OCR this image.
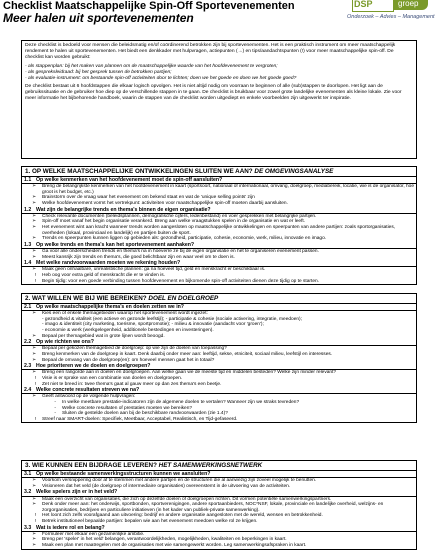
Checklist Maatschappelijke Spin-Off Sportevenementen
Meer halen uit sportevenementen
DSP	groep
Onderzoek – Advies – Management

Deze checklist is bedoeld voor mensen die beleidsmatig en/of coördinerend betrokken zijn bij sportevenementen. Het is een praktisch instrument om meer maatschappelijk rendement te halen uit sportevenementen. Het biedt een denkkader met hulpvragen, actiepunten (→) en tips/aandachtspunten (!) voor meer maatschappelijke spin-off. De checklist kan worden gebruikt:

- als stappenplan: bij het maken van plannen om de maatschappelijke waarde van het hoofdevenement te vergroten;

- als gespreksleidraad: bij het gesprek tussen de betrokken partijen;

- als evaluatie-instrument: om bestaande spin-off activiteiten door te lichten; doen we het goede en doen we het goede goed?

De checklist bestaat uit 6 hoofdstappen die elkaar logisch opvolgen. Het is niet altijd nodig om voorraan te beginnen of alle (sub)stappen te doorlopen. Het ligt aan de gebruikssituatie en de gebruiker hoe diep op de verschillende stappen in te gaan. De checklist is bruikbaar voor zowel grote landelijke evenementen als kleine lokale. Zie voor meer informatie het bijbehorende handboek, waarin de stappen van de checklist worden uitgediept en enkele voorbeelden zijn uitgewerkt ter inspiratie.

1. OP WELKE MAATSCHAPPELIJKE ONTWIKKELINGEN SLUITEN WE AAN? DE OMGEVINGSANALYSE
1.1 Op welke kenmerken van het hoofdevenement moet de spin-off aansluiten?
➢	Breng de belangrijkste kenmerken van het hoofdevenement in kaart (sportsoort, nationaal of internationaal, omvang, doelgroep, mediabereik, locatie, wie is de organisator, hoe groot is het budget, etc.)
➢	Brainstorm over de vraag waar het evenement om bekend staat en wat de 'unique selling points' zijn
➢	Welke hoofdevenement vormt het vertrekpunt: activiteiten voor maatschappelijke spin-off moeten daarbij aansluiten.
1.2 Wat zijn de belangrijke trends en thema's binnen de eigen organisatie?
➢	Check relevante documenten (beleidsplannen, demografische cijfers, ledenbestand) en voer gesprekken met belangrijke partijen.
➢	Spin-off moet vanaf het begin organisatie verankerd. Breng aan welke vraagstukken spelen in de organisatie en wat er leeft.
➢	Het evenement wint aan kracht wanneer trends worden aangesloten op maatschappelijke ontwikkelingen en speerpunten van andere partijen: zoals sportorganisaties, overheden (lokaal, provinciaal en landelijk) en partijen buiten de sport.
➢	Trends en speerpunten kunnen liggen op gebieden als: gezondheid, participatie, cohesie, economie, werk, milieu, innovatie en imago.
1.3 Op welke trends en thema's kan het sportevenement aanhaken?
➢	Ga voor alle onderscheiden trends en thema's na in hoeverre ze bij de eigen organisatie en het te organiseren evenement passen.
➢	Meest kansrijk zijn trends en thema's, die goed belichtbaar zijn en waar veel om te doen is.
1.4 Met welke randvoorwaarden moeten we rekening houden?
➢	Maak geen onhaalbare, unrealistische plannen: ga na hoeveel tijd, geld en menskracht er beschikbaar is.
!	Heb oog voor extra geld of menskracht die er te vinden is.
!	Begin tijdig: voor een goede verbinding tussen hoofdevenement en bijkomende spin-off activiteiten dienen deze tijdig op te starten.
2. WAT WILLEN WE BIJ WIE BEREIKEN? DOEL EN DOELGROEP
2.1 Op welke maatschappelijke thema's en doelen zetten we in?
➢	Kies een of enkele themagebieden waarop het sportevenement wordt ingezet:
- gezondheid & vitaliteit (een actieve en gezonde leefstijl); - participatie & cohesie (sociale activering, integratie, meedoen);
- imago & identiteit (city marketing, toerisme, sportpromotie); - milieu & innovatie (aandacht voor 'groen');
- economie & werk (werkgelegenheid, additionele bestedingen en investeringen).
➢	Bepaal per themagebied wat in grote lijnen wordt beoogd.
2.2 Op wie richten we ons?
➢	Bepaal per gekozen themagebied de doelgroep: op wie zijn de doelen van toepassing?
➢	Breng kenmerken van de doelgroep in kaart. Denk daarbij onder meer aan: leeftijd, sekse, etniciteit, sociaal milieu, leefstijl en interesses.
➢	Bepaal de omvang van de doelgroep(en): om hoeveel mensen gaat het in totaal?
2.3 Hoe prioriteren we de doelen en doelgroepen?
➢	Breng een rangorde aan in doelen en doelgroepen. Aan welke gaan we de meeste tijd en middelen besteden? Welke zijn minder relevant?
!	Visie is er sprake van een combinatie van doelen en doelgroepen.
!	Zet niet te breed in: twee thema's gaat al gauw meer op dan zes thema's een beetje.
2.4 Welke concrete resultaten streven we na?
➢	Geeft antwoord op de volgende hulpvragen:
-	In welke meetbare prestatie-indicatoren zijn de algemene doelen te vertalen? Wanneer zijn we straks tevreden?
-	Welke concrete resultaten of prestaties moeten we bereiken?
-	Sluiten de gestelde doelen aan bij de beschikbare randvoorwaarden (zie 1.4)?
!	Streef naar SMART-doelen: Specifiek, Meetbaar, Acceptabel, Realistisch, en Tijd-gefaseerd.
3. WIE KUNNEN EEN BIJDRAGE LEVEREN? HET SAMENWERKINGSNETWERK
3.1 Op welke bestaande samenwerkingsstructuren kunnen we aansluiten?
➢	Voorkom versnippering door af te stemmen met andere partijen en de structuren die al aanwezig zijn zoveel mogelijk te benutten.
➢	Visioneren dat het veld (de doelgroep of intermediaire organisaties) overeenstemt in de uitvoering van de activiteiten.
3.2 Welke spelers zijn er in het veld?
➢	Maak een overzicht van organisaties, die zich op dezelfde doelen of doelgroepen richten. Dit vormen potentiële samenwerkingspartners.
➢	Denk onder meer aan: het onderwijs, sportbonden, sportverenigingen, andere sportaanbieders, NOC*NSF, lokale, provinciale en landelijke overheid, welzijns- en zorgorganisaties, bedrijven en particuliere initiatieven (in het kader van publiek-private samenwerking).
!	Het loont zich zelfs voorafgaand aan uitvoering: bedrijf en andere organisatie aangesloten met de wereld, wensen en betrokkenheid.
!	Betrek institutioneel bepaalde partijen: bepalen wie aan het evenement meedoen welke rol ze krijgen.
3.3 Wat is iedere rol en belang?
➢	Formuleer met elkaar een gezamenlijke ambitie.
➢	Breng per 'speler' in het veld' belangen, verantwoordelijkheden, mogelijkheden, kwaliteiten en beperkingen in kaart.
➢	Maak een plan met maatregelen met de organisaties met wie samengewerkt worden. Leg samenwerkingsafspraken in kaart.
